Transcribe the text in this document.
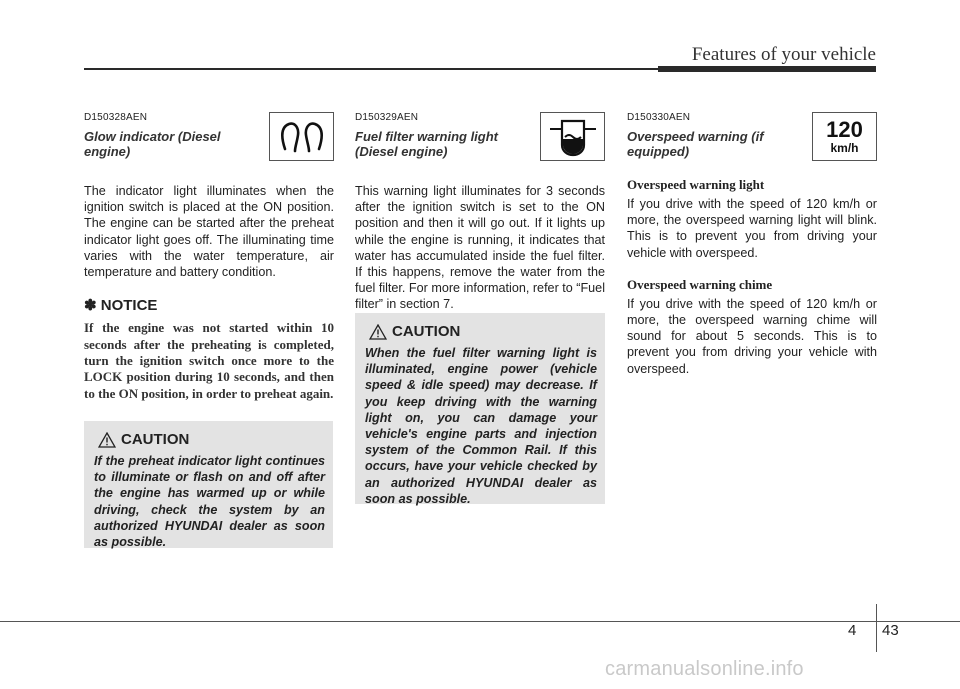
Features of your vehicle
D150328AEN
Glow indicator (Diesel engine)
The indicator light illuminates when the ignition switch is placed at the ON position. The engine can be started after the preheat indicator light goes off. The illuminating time varies with the water temperature, air temperature and battery condition.
✽ NOTICE
If the engine was not started within 10 seconds after the preheating is completed, turn the ignition switch once more to the LOCK position during 10 seconds, and then to the ON position, in order to preheat again.
CAUTION
If the preheat indicator light continues to illuminate or flash on and off after the engine has warmed up or while driving, check the system by an authorized HYUNDAI dealer as soon as possible.
D150329AEN
Fuel filter warning light (Diesel engine)
This warning light illuminates for 3 seconds after the ignition switch is set to the ON position and then it will go out. If it lights up while the engine is running, it indicates that water has accumulated inside the fuel filter. If this happens, remove the water from the fuel filter. For more information, refer to “Fuel filter” in section 7.
CAUTION
When the fuel filter warning light is illuminated, engine power (vehicle speed & idle speed) may decrease. If you keep driving with the warning light on, you can damage your vehicle's engine parts and injection system of the Common Rail. If this occurs, have your vehicle checked by an authorized HYUNDAI dealer as soon as possible.
D150330AEN
Overspeed warning (if equipped)
120
km/h
Overspeed warning light
If you drive with the speed of 120 km/h or more, the overspeed warning light will blink. This is to prevent you from driving your vehicle with overspeed.
Overspeed warning chime
If you drive with the speed of 120 km/h or more, the overspeed warning chime will sound for about 5 seconds. This is to prevent you from driving your vehicle with overspeed.
4 43
carmanualsonline.info
